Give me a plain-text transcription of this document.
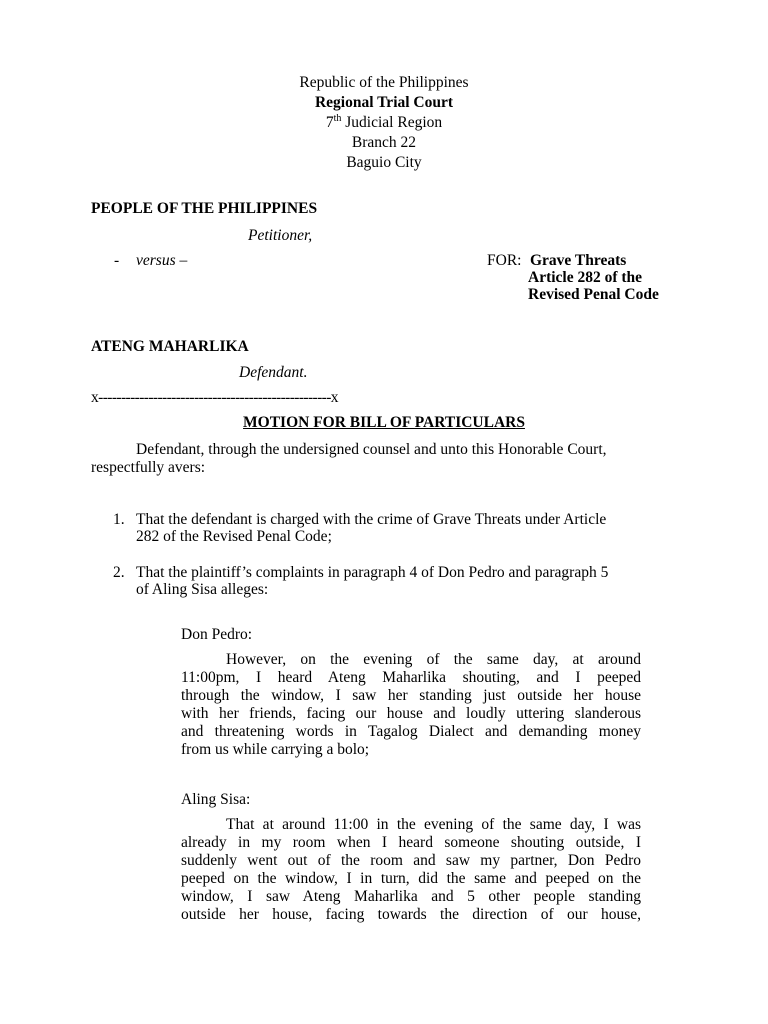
Republic of the Philippines
Regional Trial Court
7th Judicial Region
Branch 22
Baguio City
PEOPLE OF THE PHILIPPINES
Petitioner,
- versus –	FOR: Grave Threats
Article 282 of the
Revised Penal Code
ATENG MAHARLIKA
Defendant.
x---------------------------------------------------x
MOTION FOR BILL OF PARTICULARS
Defendant, through the undersigned counsel and unto this Honorable Court,
respectfully avers:
1. That the defendant is charged with the crime of Grave Threats under Article
282 of the Revised Penal Code;
2. That the plaintiff’s complaints in paragraph 4 of Don Pedro and paragraph 5
of Aling Sisa alleges:
Don Pedro:
However, on the evening of the same day, at around
11:00pm, I heard Ateng Maharlika shouting, and I peeped
through the window, I saw her standing just outside her house
with her friends, facing our house and loudly uttering slanderous
and threatening words in Tagalog Dialect and demanding money
from us while carrying a bolo;
Aling Sisa:
That at around 11:00 in the evening of the same day, I was
already in my room when I heard someone shouting outside, I
suddenly went out of the room and saw my partner, Don Pedro
peeped on the window, I in turn, did the same and peeped on the
window, I saw Ateng Maharlika and 5 other people standing
outside her house, facing towards the direction of our house,
